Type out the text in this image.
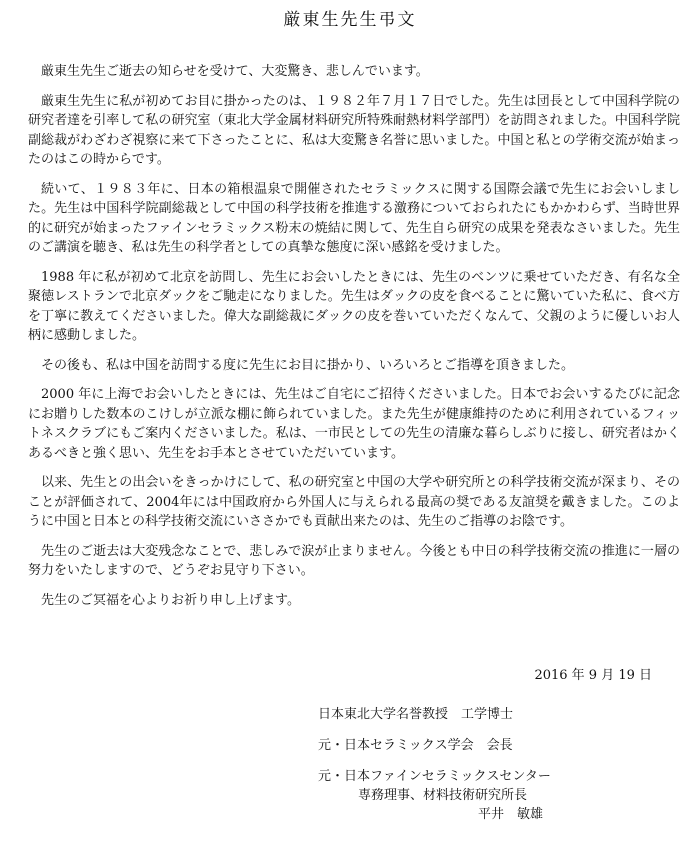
厳東生先生弔文

厳東生先生ご逝去の知らせを受けて、大変驚き、悲しんでいます。

厳東生先生に私が初めてお目に掛かったのは、１９８２年７月１７日でした。先生は団長として中国科学院の研究者達を引率して私の研究室（東北大学金属材料研究所特殊耐熱材料学部門）を訪問されました。中国科学院副総裁がわざわざ視察に来て下さったことに、私は大変驚き名誉に思いました。中国と私との学術交流が始まったのはこの時からです。

続いて、１９８３年に、日本の箱根温泉で開催されたセラミックスに関する国際会議で先生にお会いしました。先生は中国科学院副総裁として中国の科学技術を推進する激務についておられたにもかかわらず、当時世界的に研究が始まったファインセラミックス粉末の焼結に関して、先生自ら研究の成果を発表なさいました。先生のご講演を聴き、私は先生の科学者としての真摯な態度に深い感銘を受けました。

1988 年に私が初めて北京を訪問し、先生にお会いしたときには、先生のベンツに乗せていただき、有名な全聚徳レストランで北京ダックをご馳走になりました。先生はダックの皮を食べることに驚いていた私に、食べ方を丁寧に教えてくださいました。偉大な副総裁にダックの皮を巻いていただくなんて、父親のように優しいお人柄に感動しました。

その後も、私は中国を訪問する度に先生にお目に掛かり、いろいろとご指導を頂きました。

2000 年に上海でお会いしたときには、先生はご自宅にご招待くださいました。日本でお会いするたびに記念にお贈りした数本のこけしが立派な棚に飾られていました。また先生が健康維持のために利用されているフィットネスクラブにもご案内くださいました。私は、一市民としての先生の清廉な暮らしぶりに接し、研究者はかくあるべきと強く思い、先生をお手本とさせていただいています。

以来、先生との出会いをきっかけにして、私の研究室と中国の大学や研究所との科学技術交流が深まり、そのことが評価されて、2004年には中国政府から外国人に与えられる最高の奨である友誼奨を戴きました。このように中国と日本との科学技術交流にいささかでも貢献出来たのは、先生のご指導のお陰です。

先生のご逝去は大変残念なことで、悲しみで涙が止まりません。今後とも中日の科学技術交流の推進に一層の努力をいたしますので、どうぞお見守り下さい。

先生のご冥福を心よりお祈り申し上げます。

2016 年 9 月 19 日
日本東北大学名誉教授　工学博士
元・日本セラミックス学会　会長
元・日本ファインセラミックスセンター
専務理事、材料技術研究所長
平井　敏雄
